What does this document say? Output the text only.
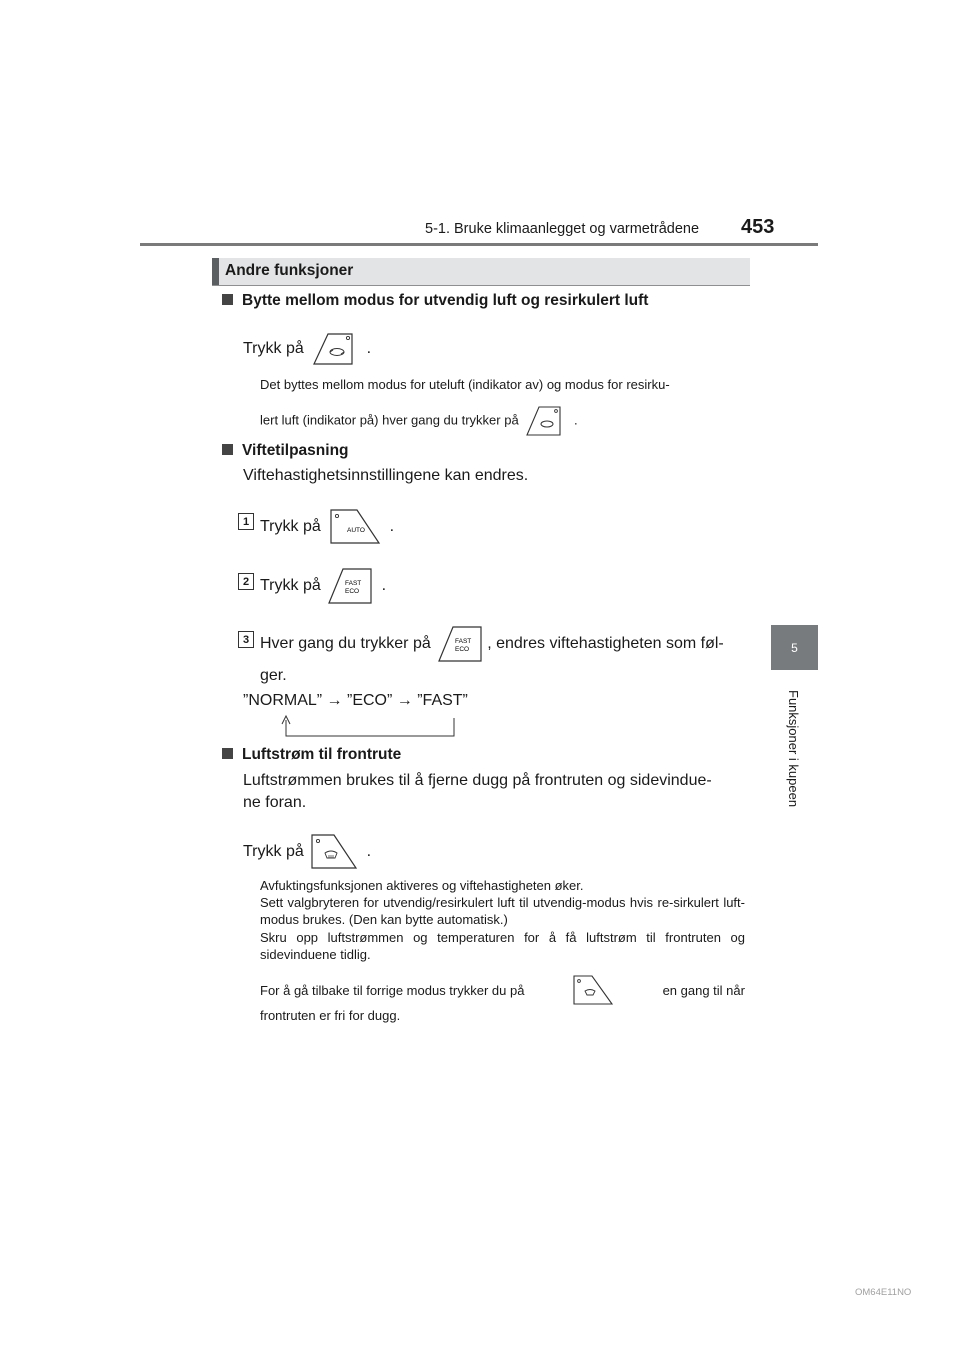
5-1. Bruke klimaanlegget og varmetrådene 453
5
Funksjoner i kupeen
Andre funksjoner
Bytte mellom modus for utvendig luft og resirkulert luft
Trykk på	.
Det byttes mellom modus for uteluft (indikator av) og modus for resirku-
lert luft (indikator på) hver gang du trykker på	.
Viftetilpasning
Viftehastighetsinnstillingene kan endres.
1 Trykk på	AUTO .
2 Trykk på	FAST
ECO .
3 Hver gang du trykker på	FAST
ECO , endres viftehastigheten som føl-
ger.
”NORMAL” → ”ECO” → ”FAST”
Luftstrøm til frontrute
Luftstrømmen brukes til å fjerne dugg på frontruten og sidevindue-
ne foran.
Trykk på	.
Avfuktingsfunksjonen aktiveres og viftehastigheten øker.
Sett valgbryteren for utvendig/resirkulert luft til utvendig-modus hvis re-sirkulert luft-modus brukes. (Den kan bytte automatisk.)
Skru opp luftstrømmen og temperaturen for å få luftstrøm til frontruten og sidevinduene tidlig.
For å gå tilbake til forrige modus trykker du på	en gang til når
frontruten er fri for dugg.
OM64E11NO
